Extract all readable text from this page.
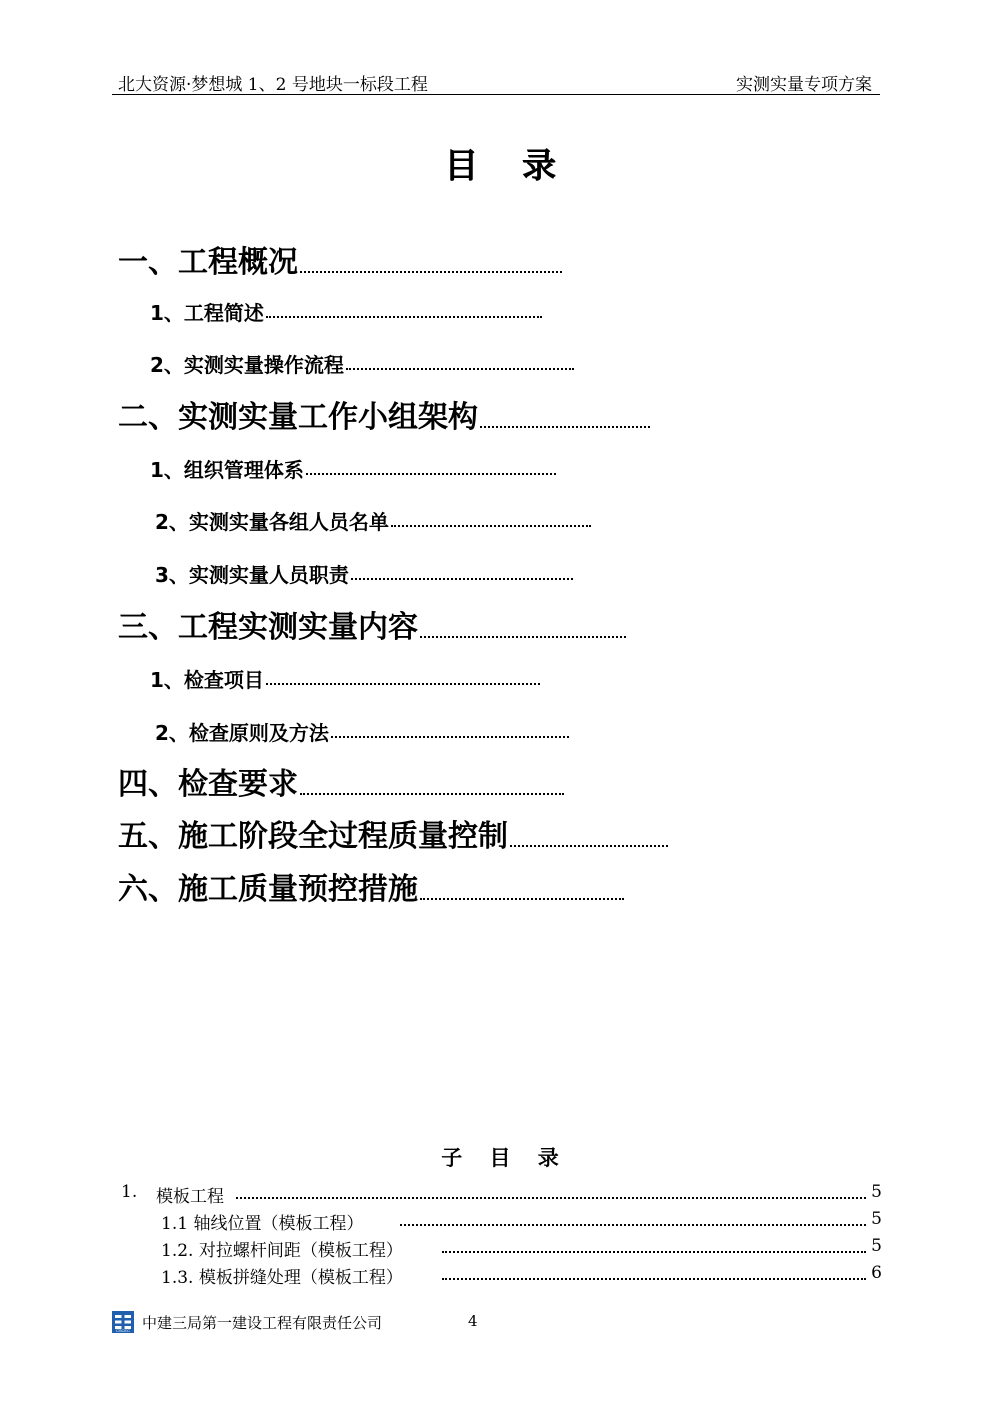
北大资源·梦想城 1、2 号地块一标段工程	实测实量专项方案
目 录
一、工程概况
1、工程简述
2、实测实量操作流程
二、实测实量工作小组架构
1、组织管理体系
2、实测实量各组人员名单
3、实测实量人员职责
三、工程实测实量内容
1、检查项目
2、检查原则及方法
四、检查要求
五、施工阶段全过程质量控制
六、施工质量预控措施
子 目 录
1. 模板工程	5
1.1 轴线位置（模板工程）	5
1.2. 对拉螺杆间距（模板工程）	5
1.3. 模板拼缝处理（模板工程）	6
CSCEC 中建三局第一建设工程有限责任公司	4
